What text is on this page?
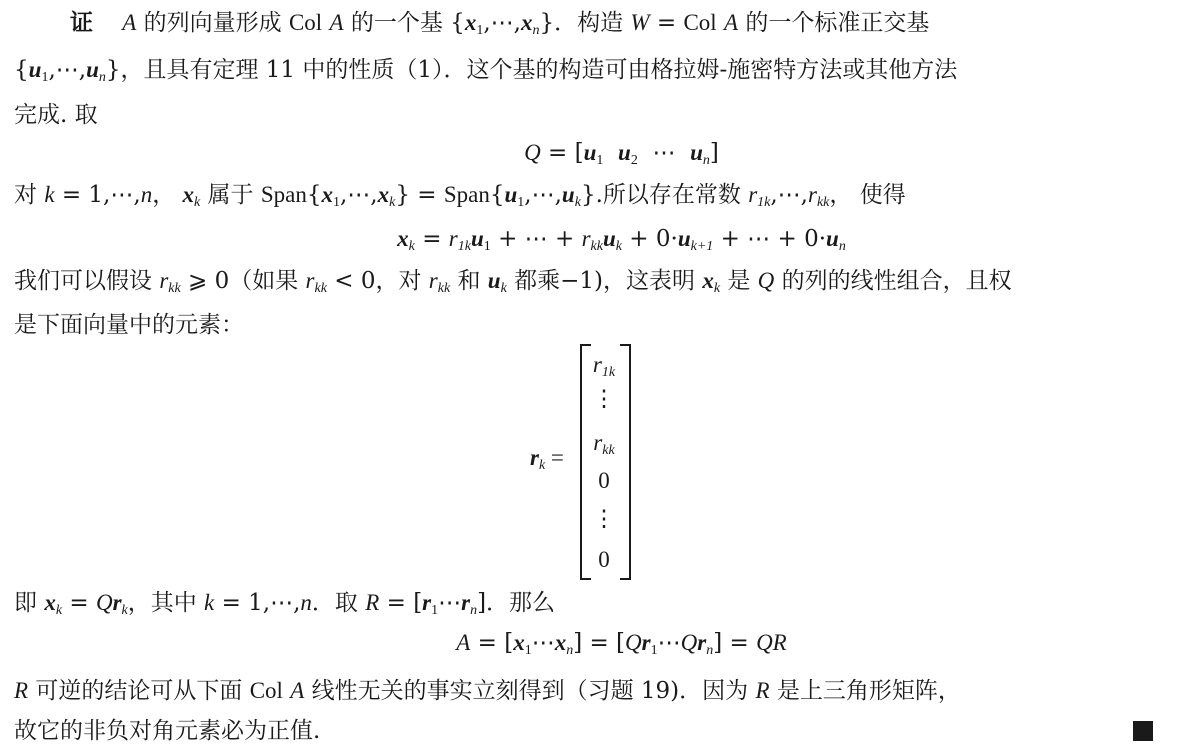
证 A 的列向量形成 Col A 的一个基 $\{x_1,\cdots,x_n\}$．构造 W = Col A 的一个标准正交基
$\{u_1,\cdots,u_n\}$，且具有定理 11 中的性质（1）．这个基的构造可由格拉姆-施密特方法或其他方法
完成. 取
$Q = [u_1$ $u_2$  ⋯  $u_n$]
对 k = 1,⋯,n， $x_k$ 属于 $Span\{x_1,\cdots,x_k\}$ = $Span\{u_1,\cdots,u_k\}$.所以存在常数 $r_{1k},\cdots,r_{kk}$， 使得
$x_k = r_{1k}u_1$ + ⋯ + $r_{kk}u_k + 0\cdot u_{k+1}$ + ⋯ + $0\cdot u_n$
我们可以假设 $r_{kk}$ ⩾ 0（如果 $r_{kk} < 0$，对 $r_{kk}$ 和 $u_k$ 都乘−1)，这表明 $x_k$ 是 Q 的列的线性组合，且权
是下面向量中的元素：
$r_k$ =
$r_{1k}$
⋮
$r_{kk}$
0
⋮
0
即 $x_k = Qr_k$，其中 k = 1,⋯,n．取 $R = [r_1\cdots r_n]$．那么
$A = [x_1\cdots x_n]$ = $[Qr_1\cdots Qr_n]$ = QR
R 可逆的结论可从下面 Col A 线性无关的事实立刻得到（习题 19)．因为 R 是上三角形矩阵，
故它的非负对角元素必为正值.
